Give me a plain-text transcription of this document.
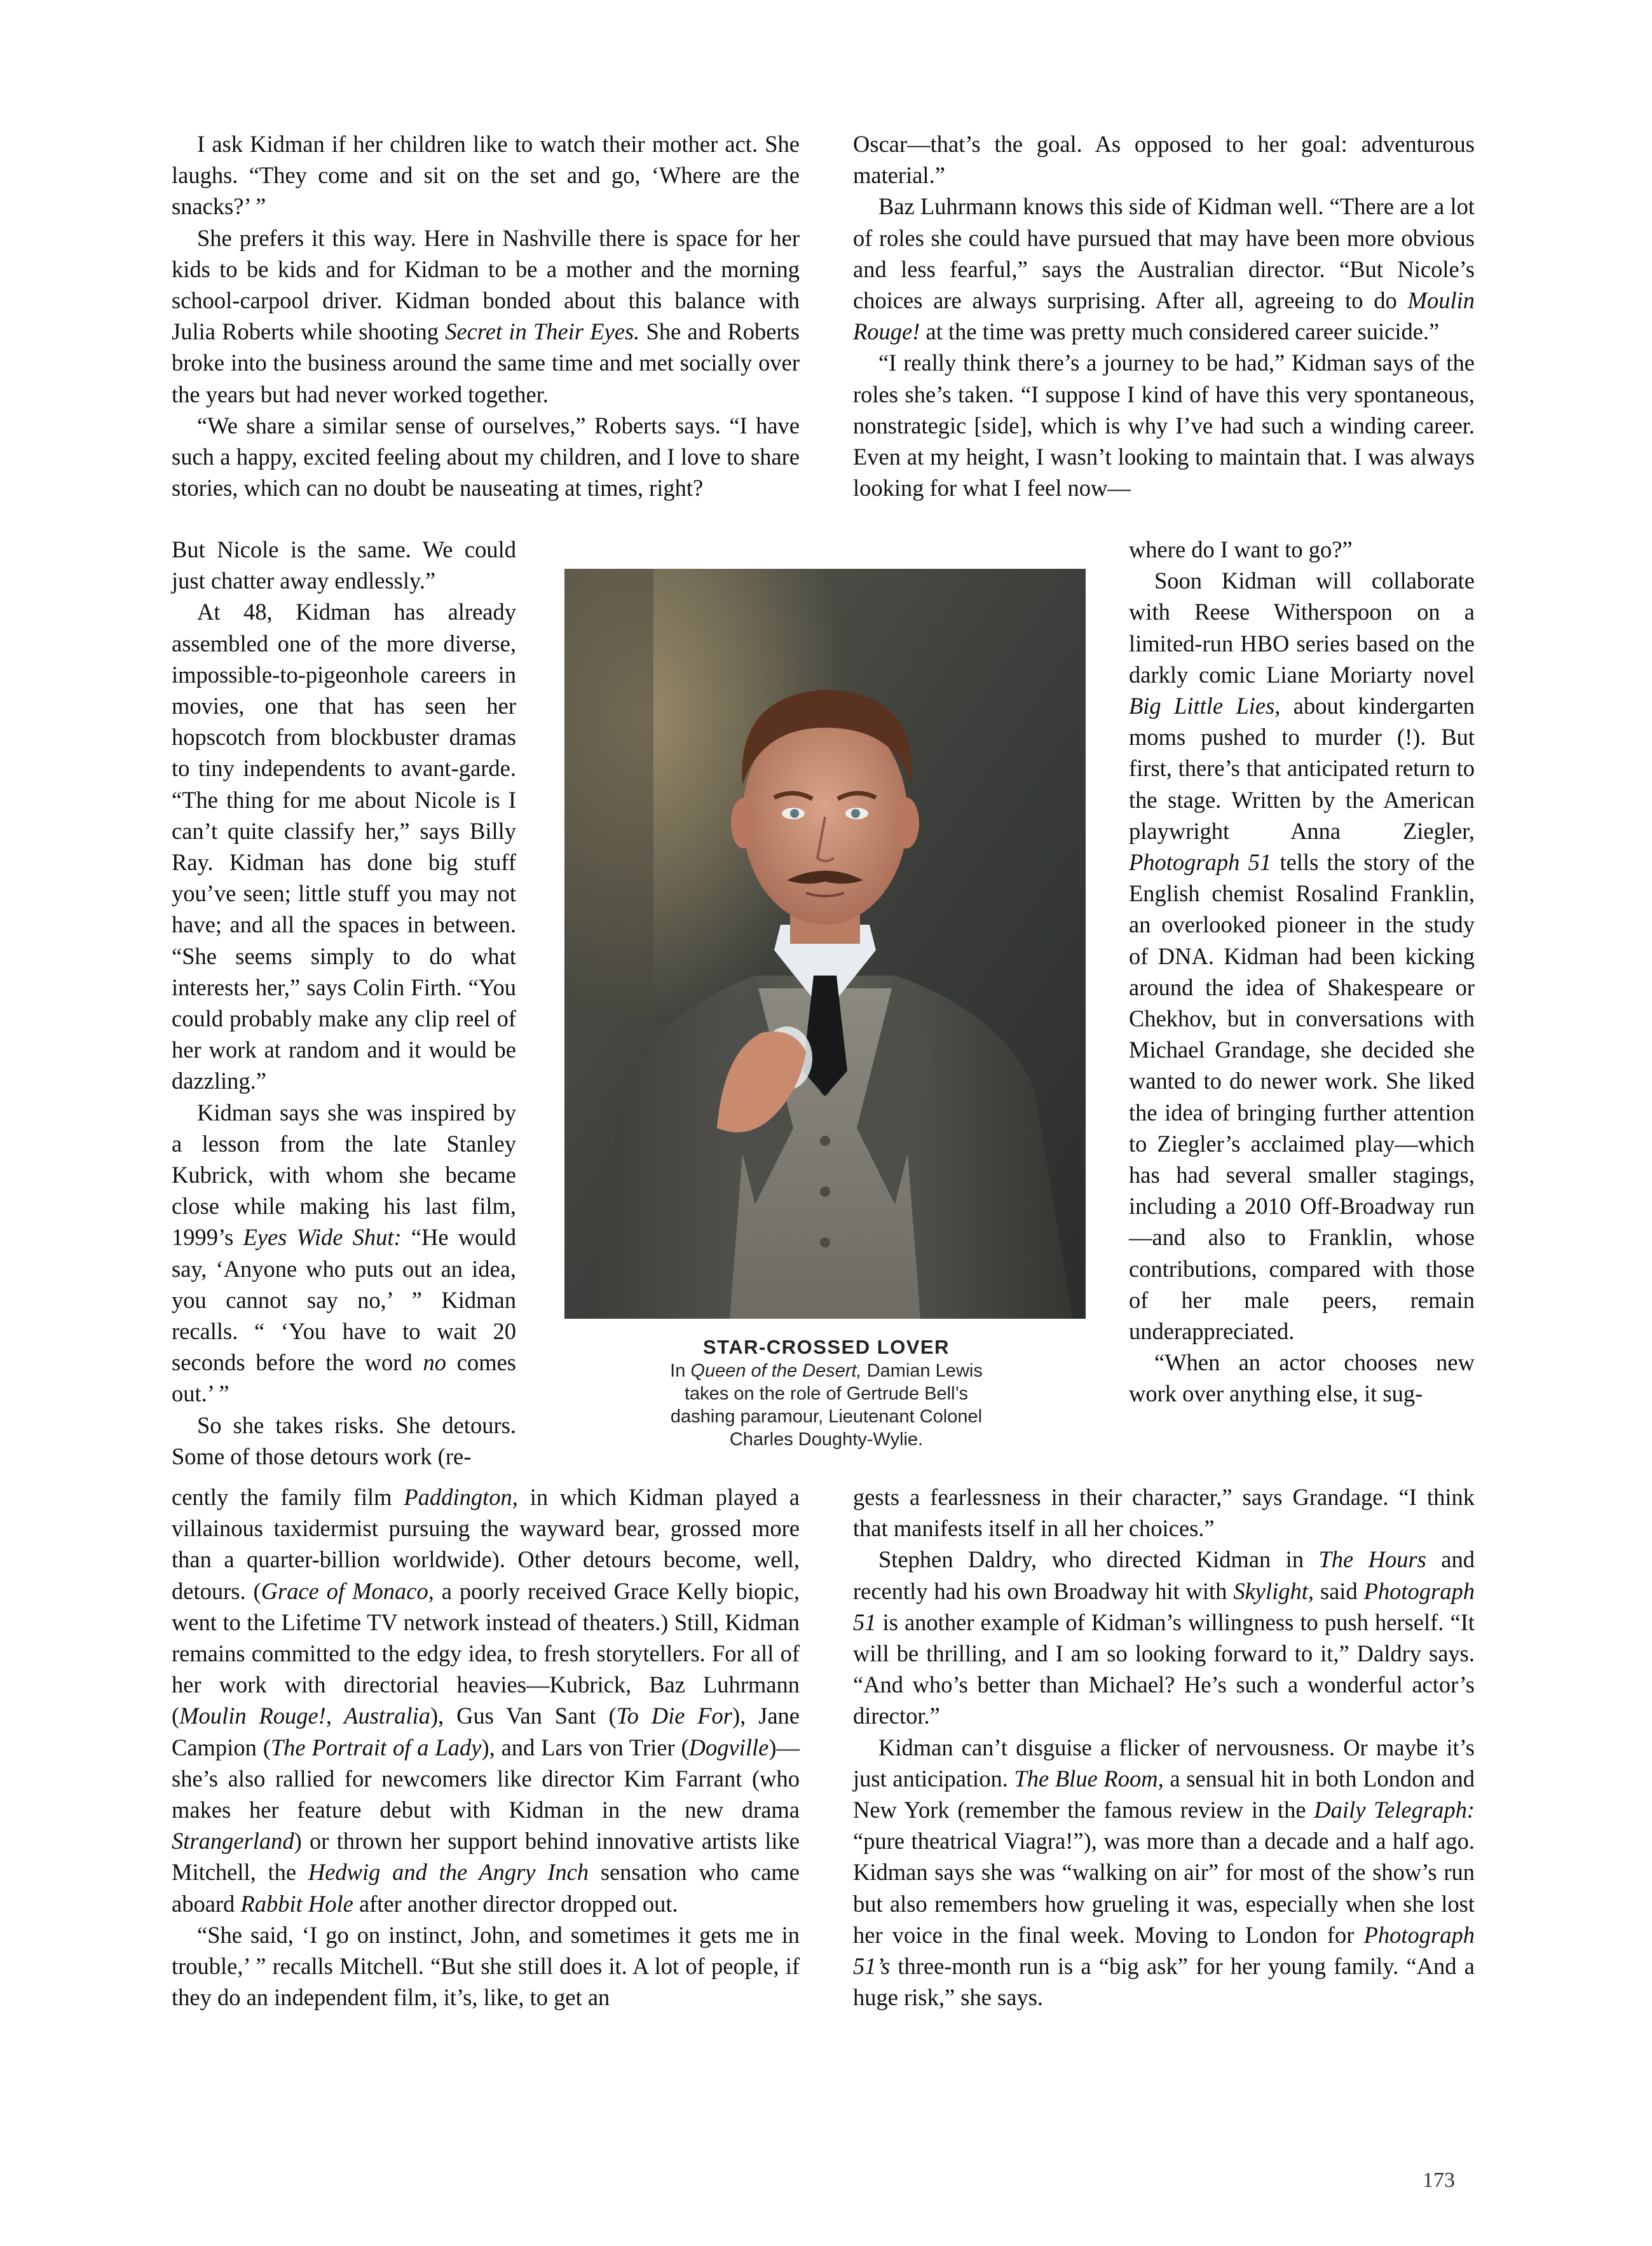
I ask Kidman if her children like to watch their mother act. She laughs. “They come and sit on the set and go, ‘Where are the snacks?’ ”

She prefers it this way. Here in Nashville there is space for her kids to be kids and for Kidman to be a mother and the morning school-carpool driver. Kidman bonded about this balance with Julia Roberts while shooting Secret in Their Eyes. She and Roberts broke into the business around the same time and met socially over the years but had never worked together.

“We share a similar sense of ourselves,” Roberts says. “I have such a happy, excited feeling about my children, and I love to share stories, which can no doubt be nauseating at times, right?

But Nicole is the same. We could just chatter away endlessly.”

At 48, Kidman has already assembled one of the more diverse, impossible-to-pigeonhole careers in movies, one that has seen her hopscotch from blockbuster dramas to tiny independents to avant-garde. “The thing for me about Nicole is I can’t quite classify her,” says Billy Ray. Kidman has done big stuff you’ve seen; little stuff you may not have; and all the spaces in between. “She seems simply to do what interests her,” says Colin Firth. “You could probably make any clip reel of her work at random and it would be dazzling.”

Kidman says she was inspired by a lesson from the late Stanley Kubrick, with whom she became close while making his last film, 1999’s Eyes Wide Shut: “He would say, ‘Anyone who puts out an idea, you cannot say no,’ ” Kidman recalls. “ ‘You have to wait 20 seconds before the word no comes out.’ ”

So she takes risks. She detours. Some of those detours work (re-

cently the family film Paddington, in which Kidman played a villainous taxidermist pursuing the wayward bear, grossed more than a quarter-billion worldwide). Other detours become, well, detours. (Grace of Monaco, a poorly received Grace Kelly biopic, went to the Lifetime TV network instead of theaters.) Still, Kidman remains committed to the edgy idea, to fresh storytellers. For all of her work with directorial heavies—Kubrick, Baz Luhrmann (Moulin Rouge!, Australia), Gus Van Sant (To Die For), Jane Campion (The Portrait of a Lady), and Lars von Trier (Dogville)—she’s also rallied for newcomers like director Kim Farrant (who makes her feature debut with Kidman in the new drama Strangerland) or thrown her support behind innovative artists like Mitchell, the Hedwig and the Angry Inch sensation who came aboard Rabbit Hole after another director dropped out.

“She said, ‘I go on instinct, John, and sometimes it gets me in trouble,’ ” recalls Mitchell. “But she still does it. A lot of people, if they do an independent film, it’s, like, to get an

Oscar—that’s the goal. As opposed to her goal: adventurous material.”

Baz Luhrmann knows this side of Kidman well. “There are a lot of roles she could have pursued that may have been more obvious and less fearful,” says the Australian director. “But Nicole’s choices are always surprising. After all, agreeing to do Moulin Rouge! at the time was pretty much considered career suicide.”

“I really think there’s a journey to be had,” Kidman says of the roles she’s taken. “I suppose I kind of have this very spontaneous, nonstrategic [side], which is why I’ve had such a winding career. Even at my height, I wasn’t looking to maintain that. I was always looking for what I feel now—

where do I want to go?”

Soon Kidman will collaborate with Reese Witherspoon on a limited-run HBO series based on the darkly comic Liane Moriarty novel Big Little Lies, about kindergarten moms pushed to murder (!). But first, there’s that anticipated return to the stage. Written by the American playwright Anna Ziegler, Photograph 51 tells the story of the English chemist Rosalind Franklin, an overlooked pioneer in the study of DNA. Kidman had been kicking around the idea of Shakespeare or Chekhov, but in conversations with Michael Grandage, she decided she wanted to do newer work. She liked the idea of bringing further attention to Ziegler’s acclaimed play—which has had several smaller stagings, including a 2010 Off-Broadway run—and also to Franklin, whose contributions, compared with those of her male peers, remain underappreciated.

“When an actor chooses new work over anything else, it sug-

gests a fearlessness in their character,” says Grandage. “I think that manifests itself in all her choices.”

Stephen Daldry, who directed Kidman in The Hours and recently had his own Broadway hit with Skylight, said Photograph 51 is another example of Kidman’s willingness to push herself. “It will be thrilling, and I am so looking forward to it,” Daldry says. “And who’s better than Michael? He’s such a wonderful actor’s director.”

Kidman can’t disguise a flicker of nervousness. Or maybe it’s just anticipation. The Blue Room, a sensual hit in both London and New York (remember the famous review in the Daily Telegraph: “pure theatrical Viagra!”), was more than a decade and a half ago. Kidman says she was “walking on air” for most of the show’s run but also remembers how grueling it was, especially when she lost her voice in the final week. Moving to London for Photograph 51’s three-month run is a “big ask” for her young family. “And a huge risk,” she says.

STAR-CROSSED LOVER
In Queen of the Desert, Damian Lewis
takes on the role of Gertrude Bell’s
dashing paramour, Lieutenant Colonel
Charles Doughty-Wylie.
173
